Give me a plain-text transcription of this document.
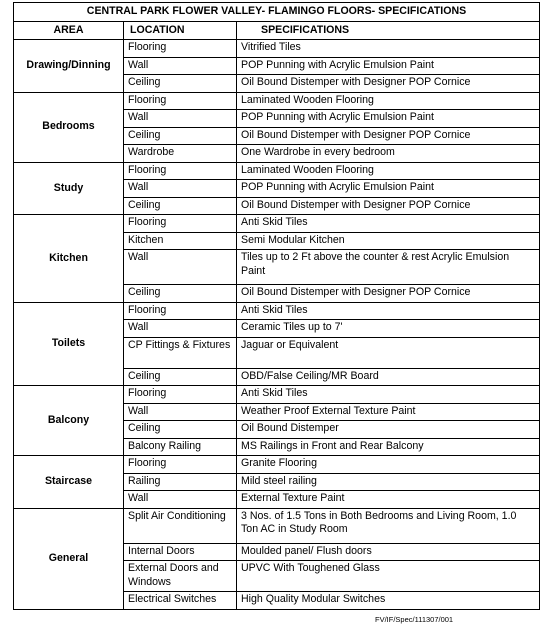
CENTRAL PARK FLOWER VALLEY- FLAMINGO FLOORS- SPECIFICATIONS		
AREA	LOCATION	SPECIFICATIONS
Drawing/Dinning	Flooring	Vitrified Tiles
	Wall	POP Punning with Acrylic Emulsion Paint
	Ceiling	Oil Bound Distemper with Designer POP Cornice
Bedrooms	Flooring	Laminated Wooden Flooring
	Wall	POP Punning with Acrylic Emulsion Paint
	Ceiling	Oil Bound Distemper with Designer POP Cornice
	Wardrobe	One Wardrobe in every bedroom
Study	Flooring	Laminated Wooden Flooring
	Wall	POP Punning with Acrylic Emulsion Paint
	Ceiling	Oil Bound Distemper with Designer POP Cornice
Kitchen	Flooring	Anti Skid Tiles
	Kitchen	Semi Modular Kitchen
	Wall	Tiles up to 2 Ft above the counter & rest Acrylic Emulsion Paint
	Ceiling	Oil Bound Distemper with Designer POP Cornice
Toilets	Flooring	Anti Skid Tiles
	Wall	Ceramic Tiles up to 7'
	CP Fittings & Fixtures	Jaguar or Equivalent
	Ceiling	OBD/False Ceiling/MR Board
Balcony	Flooring	Anti Skid Tiles
	Wall	Weather Proof External Texture Paint
	Ceiling	Oil Bound Distemper
	Balcony Railing	MS Railings in Front and Rear Balcony
Staircase	Flooring	Granite Flooring
	Railing	Mild steel railing
	Wall	External Texture Paint
General	Split Air Conditioning	3 Nos. of 1.5 Tons in Both Bedrooms and Living Room, 1.0 Ton AC in Study Room
	Internal Doors	Moulded panel/ Flush doors
	External Doors and Windows	UPVC With Toughened Glass
	Electrical Switches	High Quality Modular Switches
FV/IF/Spec/111307/001
